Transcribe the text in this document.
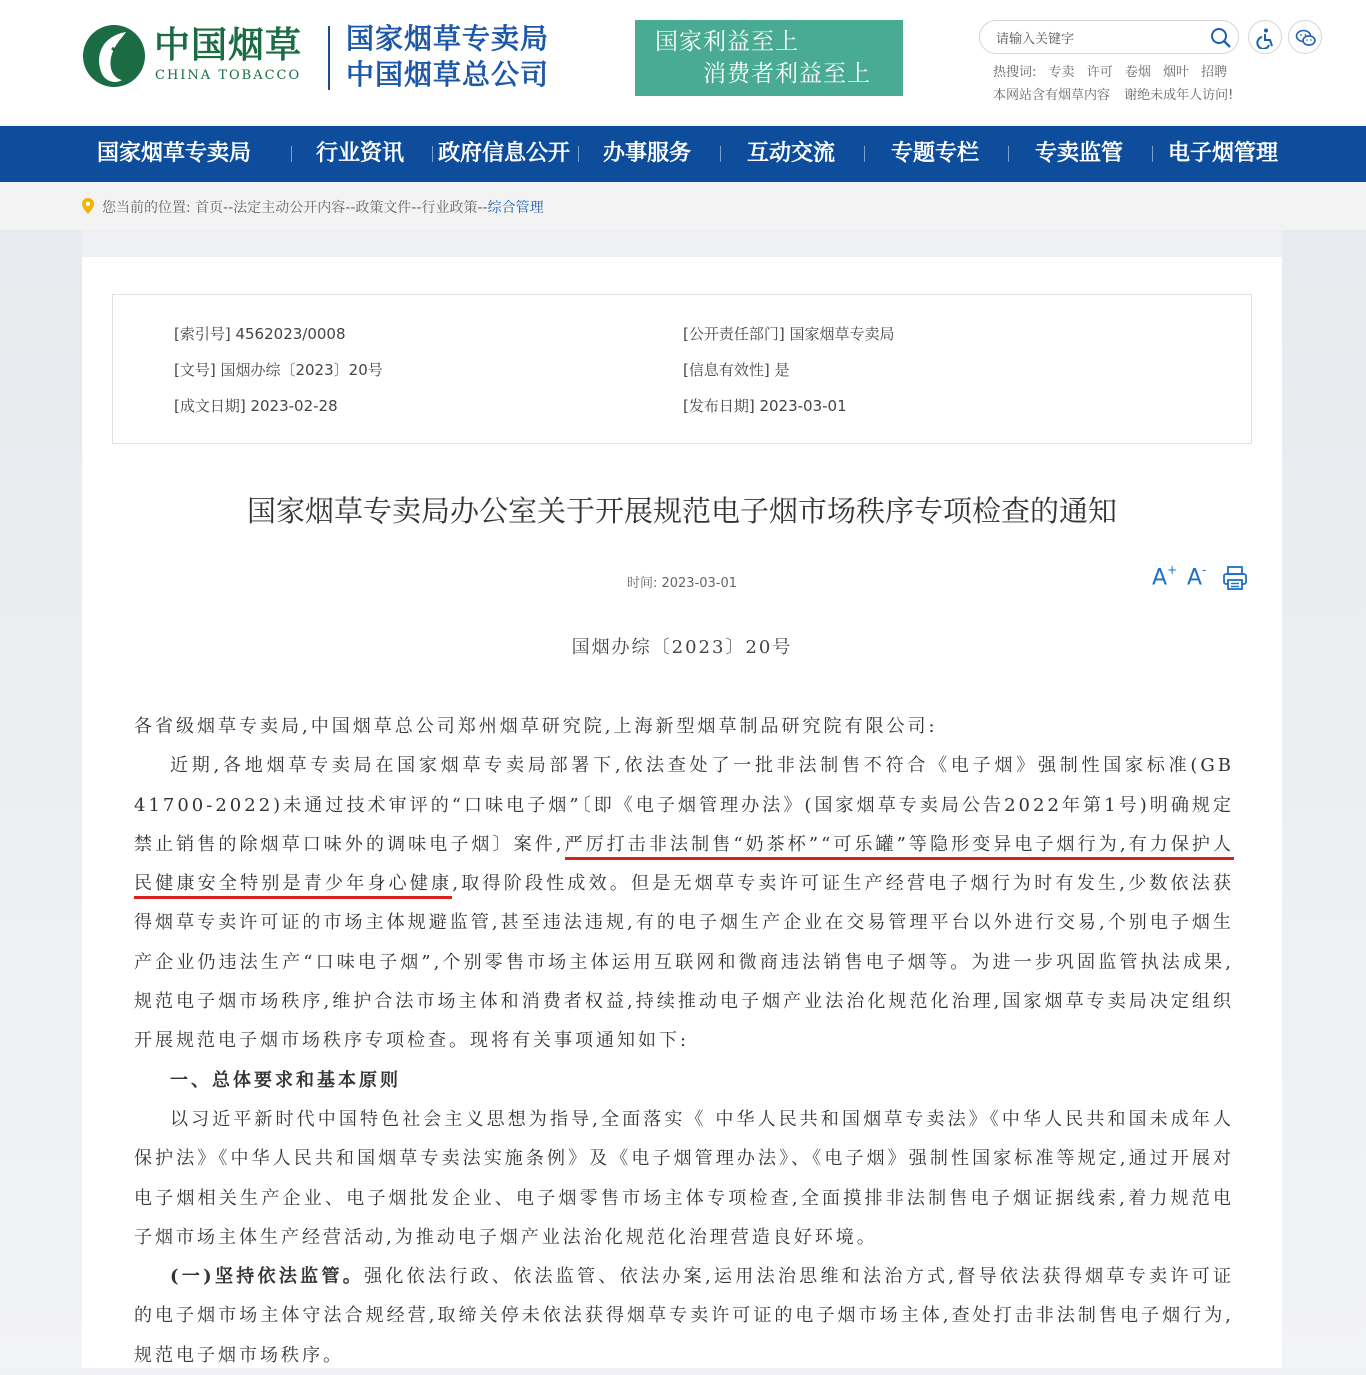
中国烟草
CHINA TOBACCO
国家烟草专卖局
中国烟草总公司
国家利益至上
消费者利益至上
请输入关键字	热搜词: 专卖 许可 卷烟 烟叶 招聘
本网站含有烟草内容 谢绝未成年人访问!
国家烟草专卖局	行业资讯 政府信息公开 办事服务	互动交流	专题专栏	专卖监管 电子烟管理
您当前的位置: 首页--法定主动公开内容--政策文件--行业政策--综合管理
[索引号] 4562023/0008	[公开责任部门] 国家烟草专卖局
[文号] 国烟办综〔2023〕20号	[信息有效性] 是
[成文日期] 2023-02-28	[发布日期] 2023-03-01
国家烟草专卖局办公室关于开展规范电子烟市场秩序专项检查的通知
时间: 2023-03-01	A+ A-
国烟办综〔2023〕20号

各省级烟草专卖局,中国烟草总公司郑州烟草研究院,上海新型烟草制品研究院有限公司:

近期,各地烟草专卖局在国家烟草专卖局部署下,依法查处了一批非法制售不符合《电子烟》强制性国家标准(GB 41700-2022)未通过技术审评的“口味电子烟”〔即《电子烟管理办法》(国家烟草专卖局公告2022年第1号)明确规定禁止销售的除烟草口味外的调味电子烟〕案件,严厉打击非法制售“奶茶杯”“可乐罐”等隐形变异电子烟行为,有力保护人民健康安全特别是青少年身心健康,取得阶段性成效。但是无烟草专卖许可证生产经营电子烟行为时有发生,少数依法获得烟草专卖许可证的市场主体规避监管,甚至违法违规,有的电子烟生产企业在交易管理平台以外进行交易,个别电子烟生产企业仍违法生产“口味电子烟”,个别零售市场主体运用互联网和微商违法销售电子烟等。为进一步巩固监管执法成果,规范电子烟市场秩序,维护合法市场主体和消费者权益,持续推动电子烟产业法治化规范化治理,国家烟草专卖局决定组织开展规范电子烟市场秩序专项检查。现将有关事项通知如下:

一、总体要求和基本原则

以习近平新时代中国特色社会主义思想为指导,全面落实《 中华人民共和国烟草专卖法》《中华人民共和国未成年人保护法》《中华人民共和国烟草专卖法实施条例》及《电子烟管理办法》、《电子烟》强制性国家标准等规定,通过开展对电子烟相关生产企业、电子烟批发企业、电子烟零售市场主体专项检查,全面摸排非法制售电子烟证据线索,着力规范电子烟市场主体生产经营活动,为推动电子烟产业法治化规范化治理营造良好环境。

(一)坚持依法监管。强化依法行政、依法监管、依法办案,运用法治思维和法治方式,督导依法获得烟草专卖许可证的电子烟市场主体守法合规经营,取缔关停未依法获得烟草专卖许可证的电子烟市场主体,查处打击非法制售电子烟行为,规范电子烟市场秩序。
